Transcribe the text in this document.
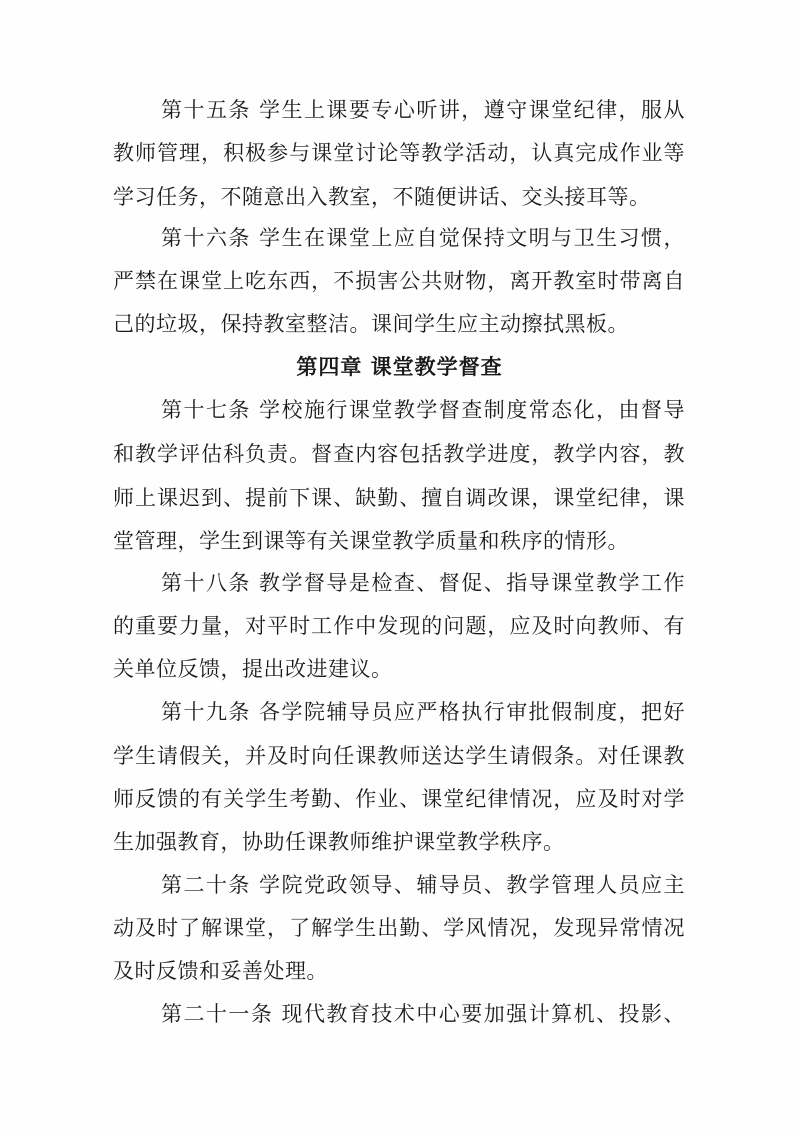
第十五条 学生上课要专心听讲，遵守课堂纪律，服从
教师管理，积极参与课堂讨论等教学活动，认真完成作业等
学习任务，不随意出入教室，不随便讲话、交头接耳等。
第十六条 学生在课堂上应自觉保持文明与卫生习惯，
严禁在课堂上吃东西，不损害公共财物，离开教室时带离自
己的垃圾，保持教室整洁。课间学生应主动擦拭黑板。
第四章 课堂教学督查
第十七条 学校施行课堂教学督查制度常态化，由督导
和教学评估科负责。督查内容包括教学进度，教学内容，教
师上课迟到、提前下课、缺勤、擅自调改课，课堂纪律，课
堂管理，学生到课等有关课堂教学质量和秩序的情形。
第十八条 教学督导是检查、督促、指导课堂教学工作
的重要力量，对平时工作中发现的问题，应及时向教师、有
关单位反馈，提出改进建议。
第十九条 各学院辅导员应严格执行审批假制度，把好
学生请假关，并及时向任课教师送达学生请假条。对任课教
师反馈的有关学生考勤、作业、课堂纪律情况，应及时对学
生加强教育，协助任课教师维护课堂教学秩序。
第二十条 学院党政领导、辅导员、教学管理人员应主
动及时了解课堂，了解学生出勤、学风情况，发现异常情况
及时反馈和妥善处理。
第二十一条 现代教育技术中心要加强计算机、投影、
